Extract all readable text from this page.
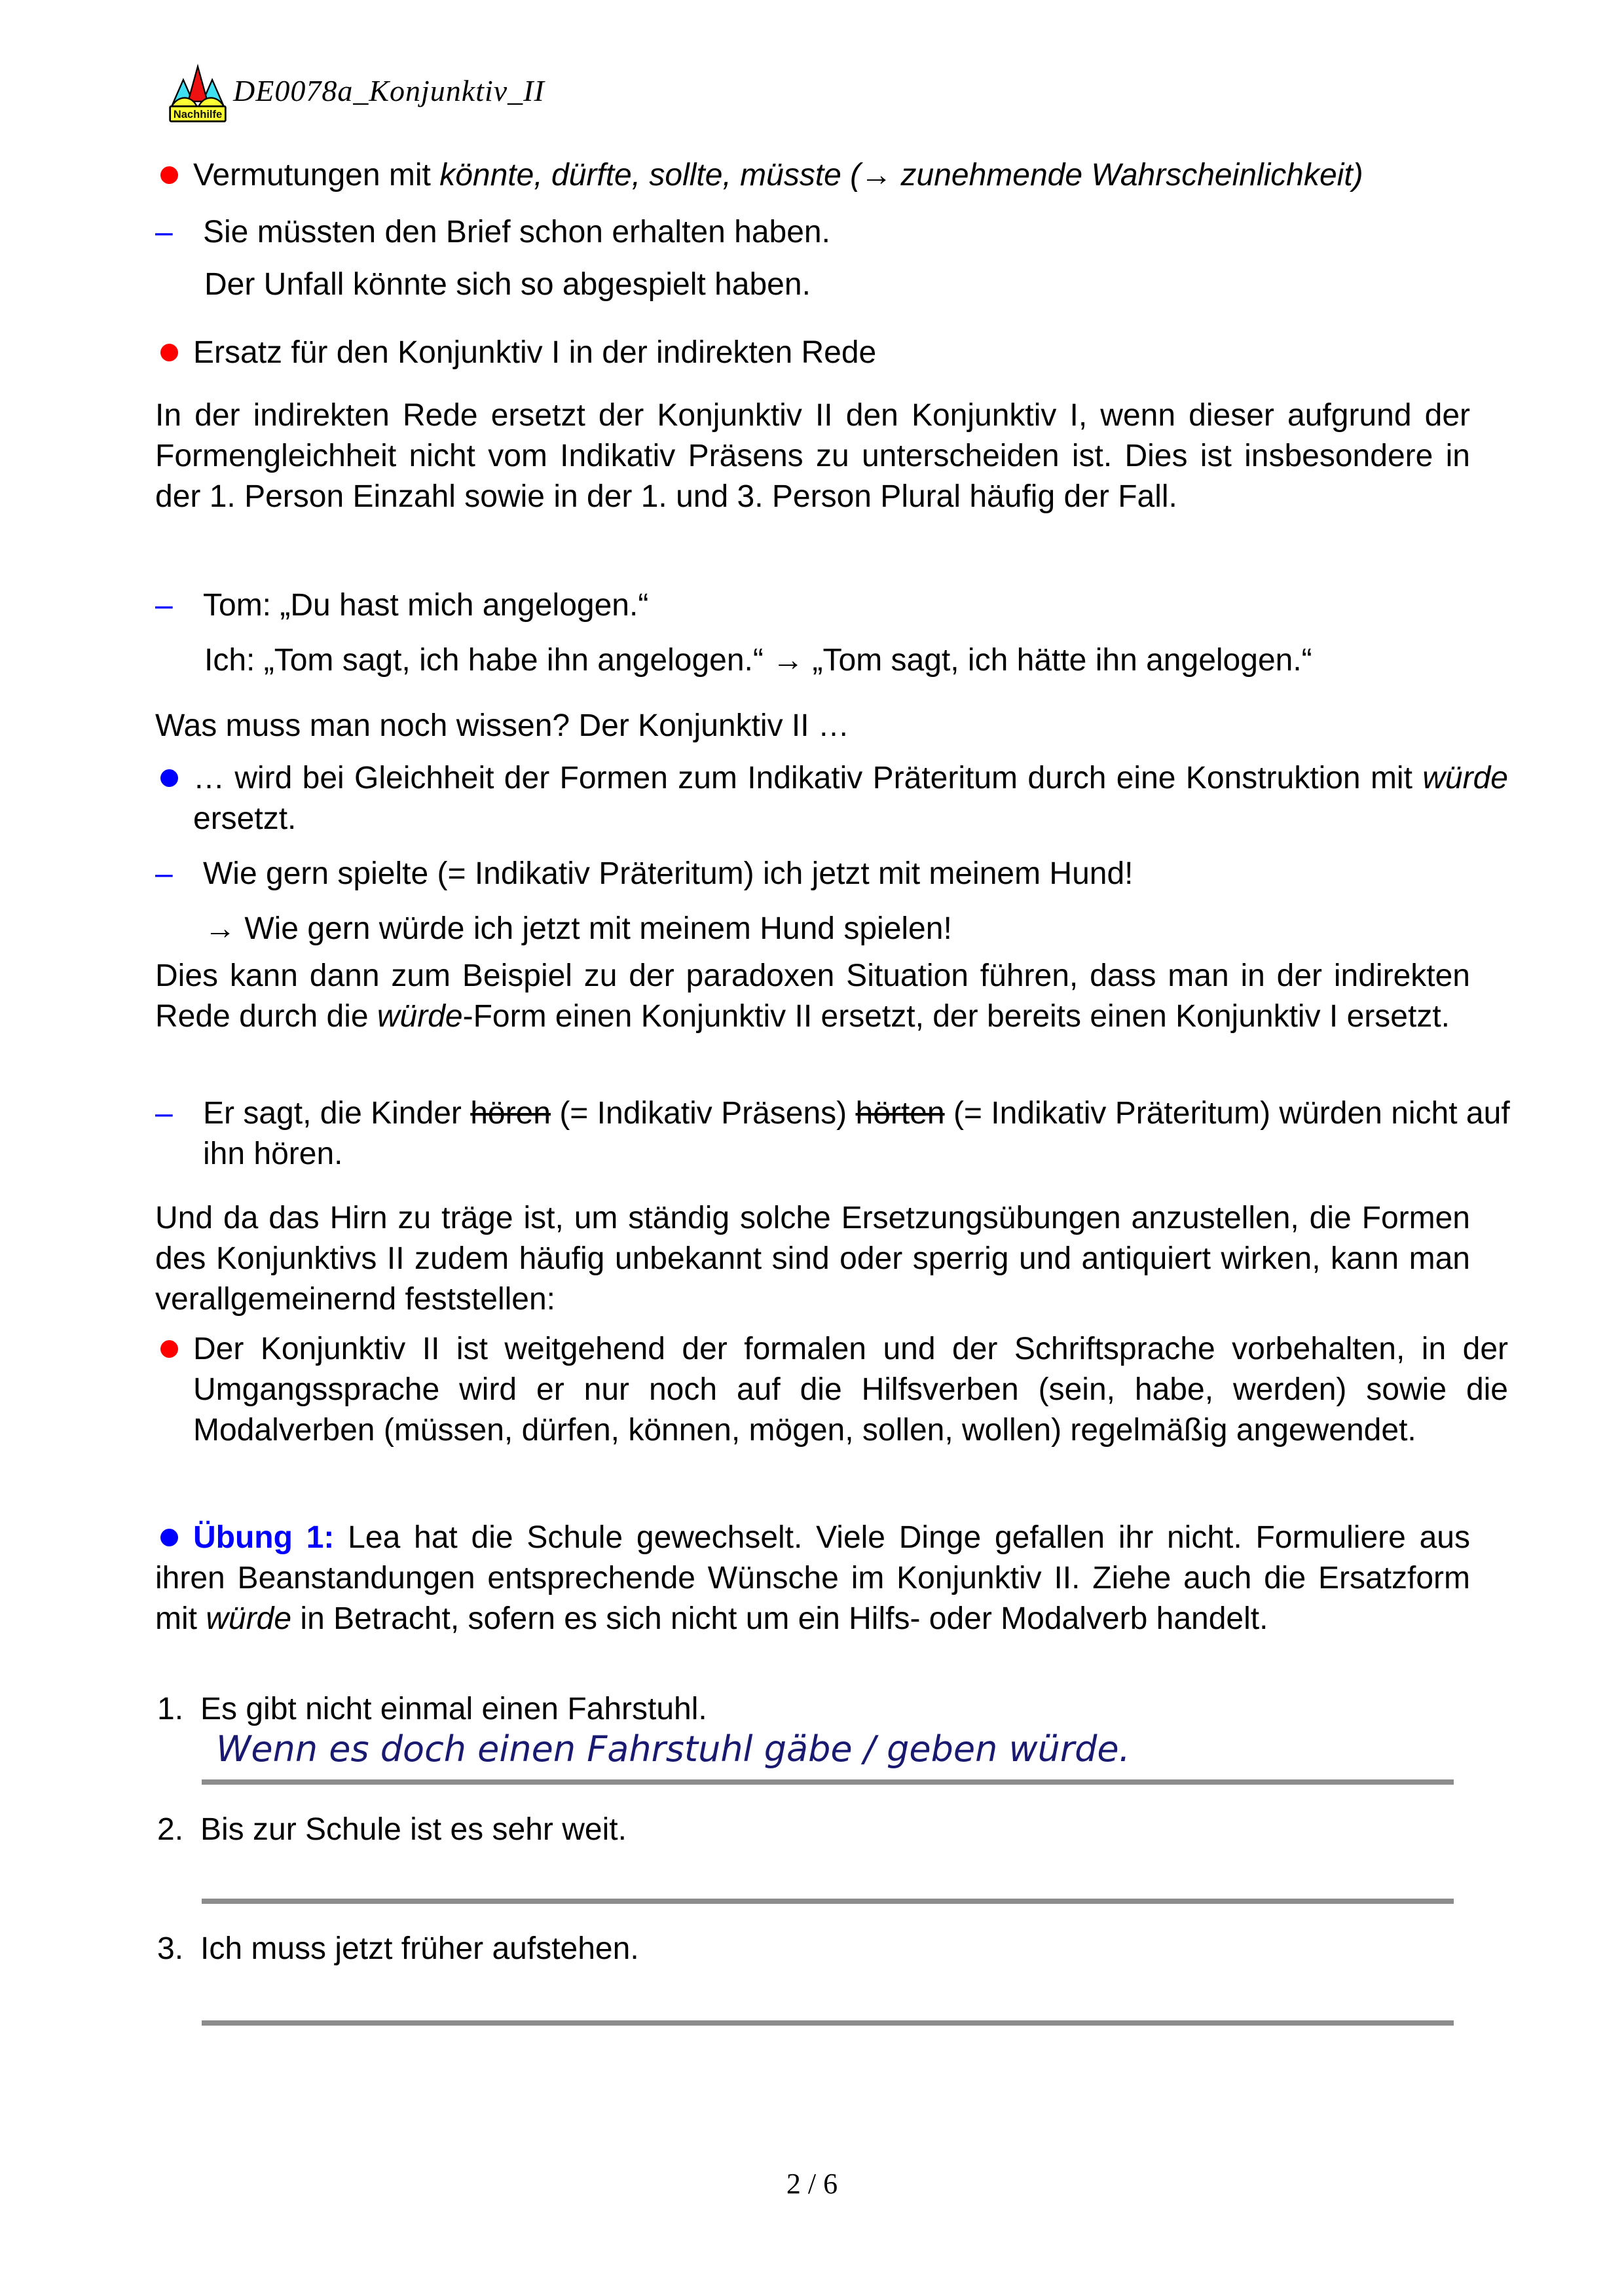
Nachhilfe
DE0078a_Konjunktiv_II
Vermutungen mit könnte, dürfte, sollte, müsste (→ zunehmende Wahrscheinlichkeit)
– Sie müssten den Brief schon erhalten haben.
Der Unfall könnte sich so abgespielt haben.
Ersatz für den Konjunktiv I in der indirekten Rede
In der indirekten Rede ersetzt der Konjunktiv II den Konjunktiv I, wenn dieser aufgrund der Formengleichheit nicht vom Indikativ Präsens zu unterscheiden ist. Dies ist insbesondere in der 1. Person Einzahl sowie in der 1. und 3. Person Plural häufig der Fall.
– Tom: „Du hast mich angelogen.“
Ich: „Tom sagt, ich habe ihn angelogen.“ → „Tom sagt, ich hätte ihn angelogen.“
Was muss man noch wissen? Der Konjunktiv II …
… wird bei Gleichheit der Formen zum Indikativ Präteritum durch eine Konstruktion mit würde ersetzt.
– Wie gern spielte (= Indikativ Präteritum) ich jetzt mit meinem Hund!
→ Wie gern würde ich jetzt mit meinem Hund spielen!
Dies kann dann zum Beispiel zu der paradoxen Situation führen, dass man in der indirekten Rede durch die würde-Form einen Konjunktiv II ersetzt, der bereits einen Konjunktiv I ersetzt.
– Er sagt, die Kinder hören (= Indikativ Präsens) hörten (= Indikativ Präteritum) würden nicht auf ihn hören.
Und da das Hirn zu träge ist, um ständig solche Ersetzungsübungen anzustellen, die Formen des Konjunktivs II zudem häufig unbekannt sind oder sperrig und antiquiert wirken, kann man verallgemeinernd feststellen:
Der Konjunktiv II ist weitgehend der formalen und der Schriftsprache vorbehalten, in der Umgangssprache wird er nur noch auf die Hilfsverben (sein, habe, werden) sowie die Modalverben (müssen, dürfen, können, mögen, sollen, wollen) regelmäßig angewendet.
Übung 1: Lea hat die Schule gewechselt. Viele Dinge gefallen ihr nicht. Formuliere aus ihren Beanstandungen entsprechende Wünsche im Konjunktiv II. Ziehe auch die Ersatzform mit würde in Betracht, sofern es sich nicht um ein Hilfs- oder Modalverb handelt.
1. Es gibt nicht einmal einen Fahrstuhl.
Wenn es doch einen Fahrstuhl gäbe / geben würde.
2. Bis zur Schule ist es sehr weit.
3. Ich muss jetzt früher aufstehen.
2 / 6
